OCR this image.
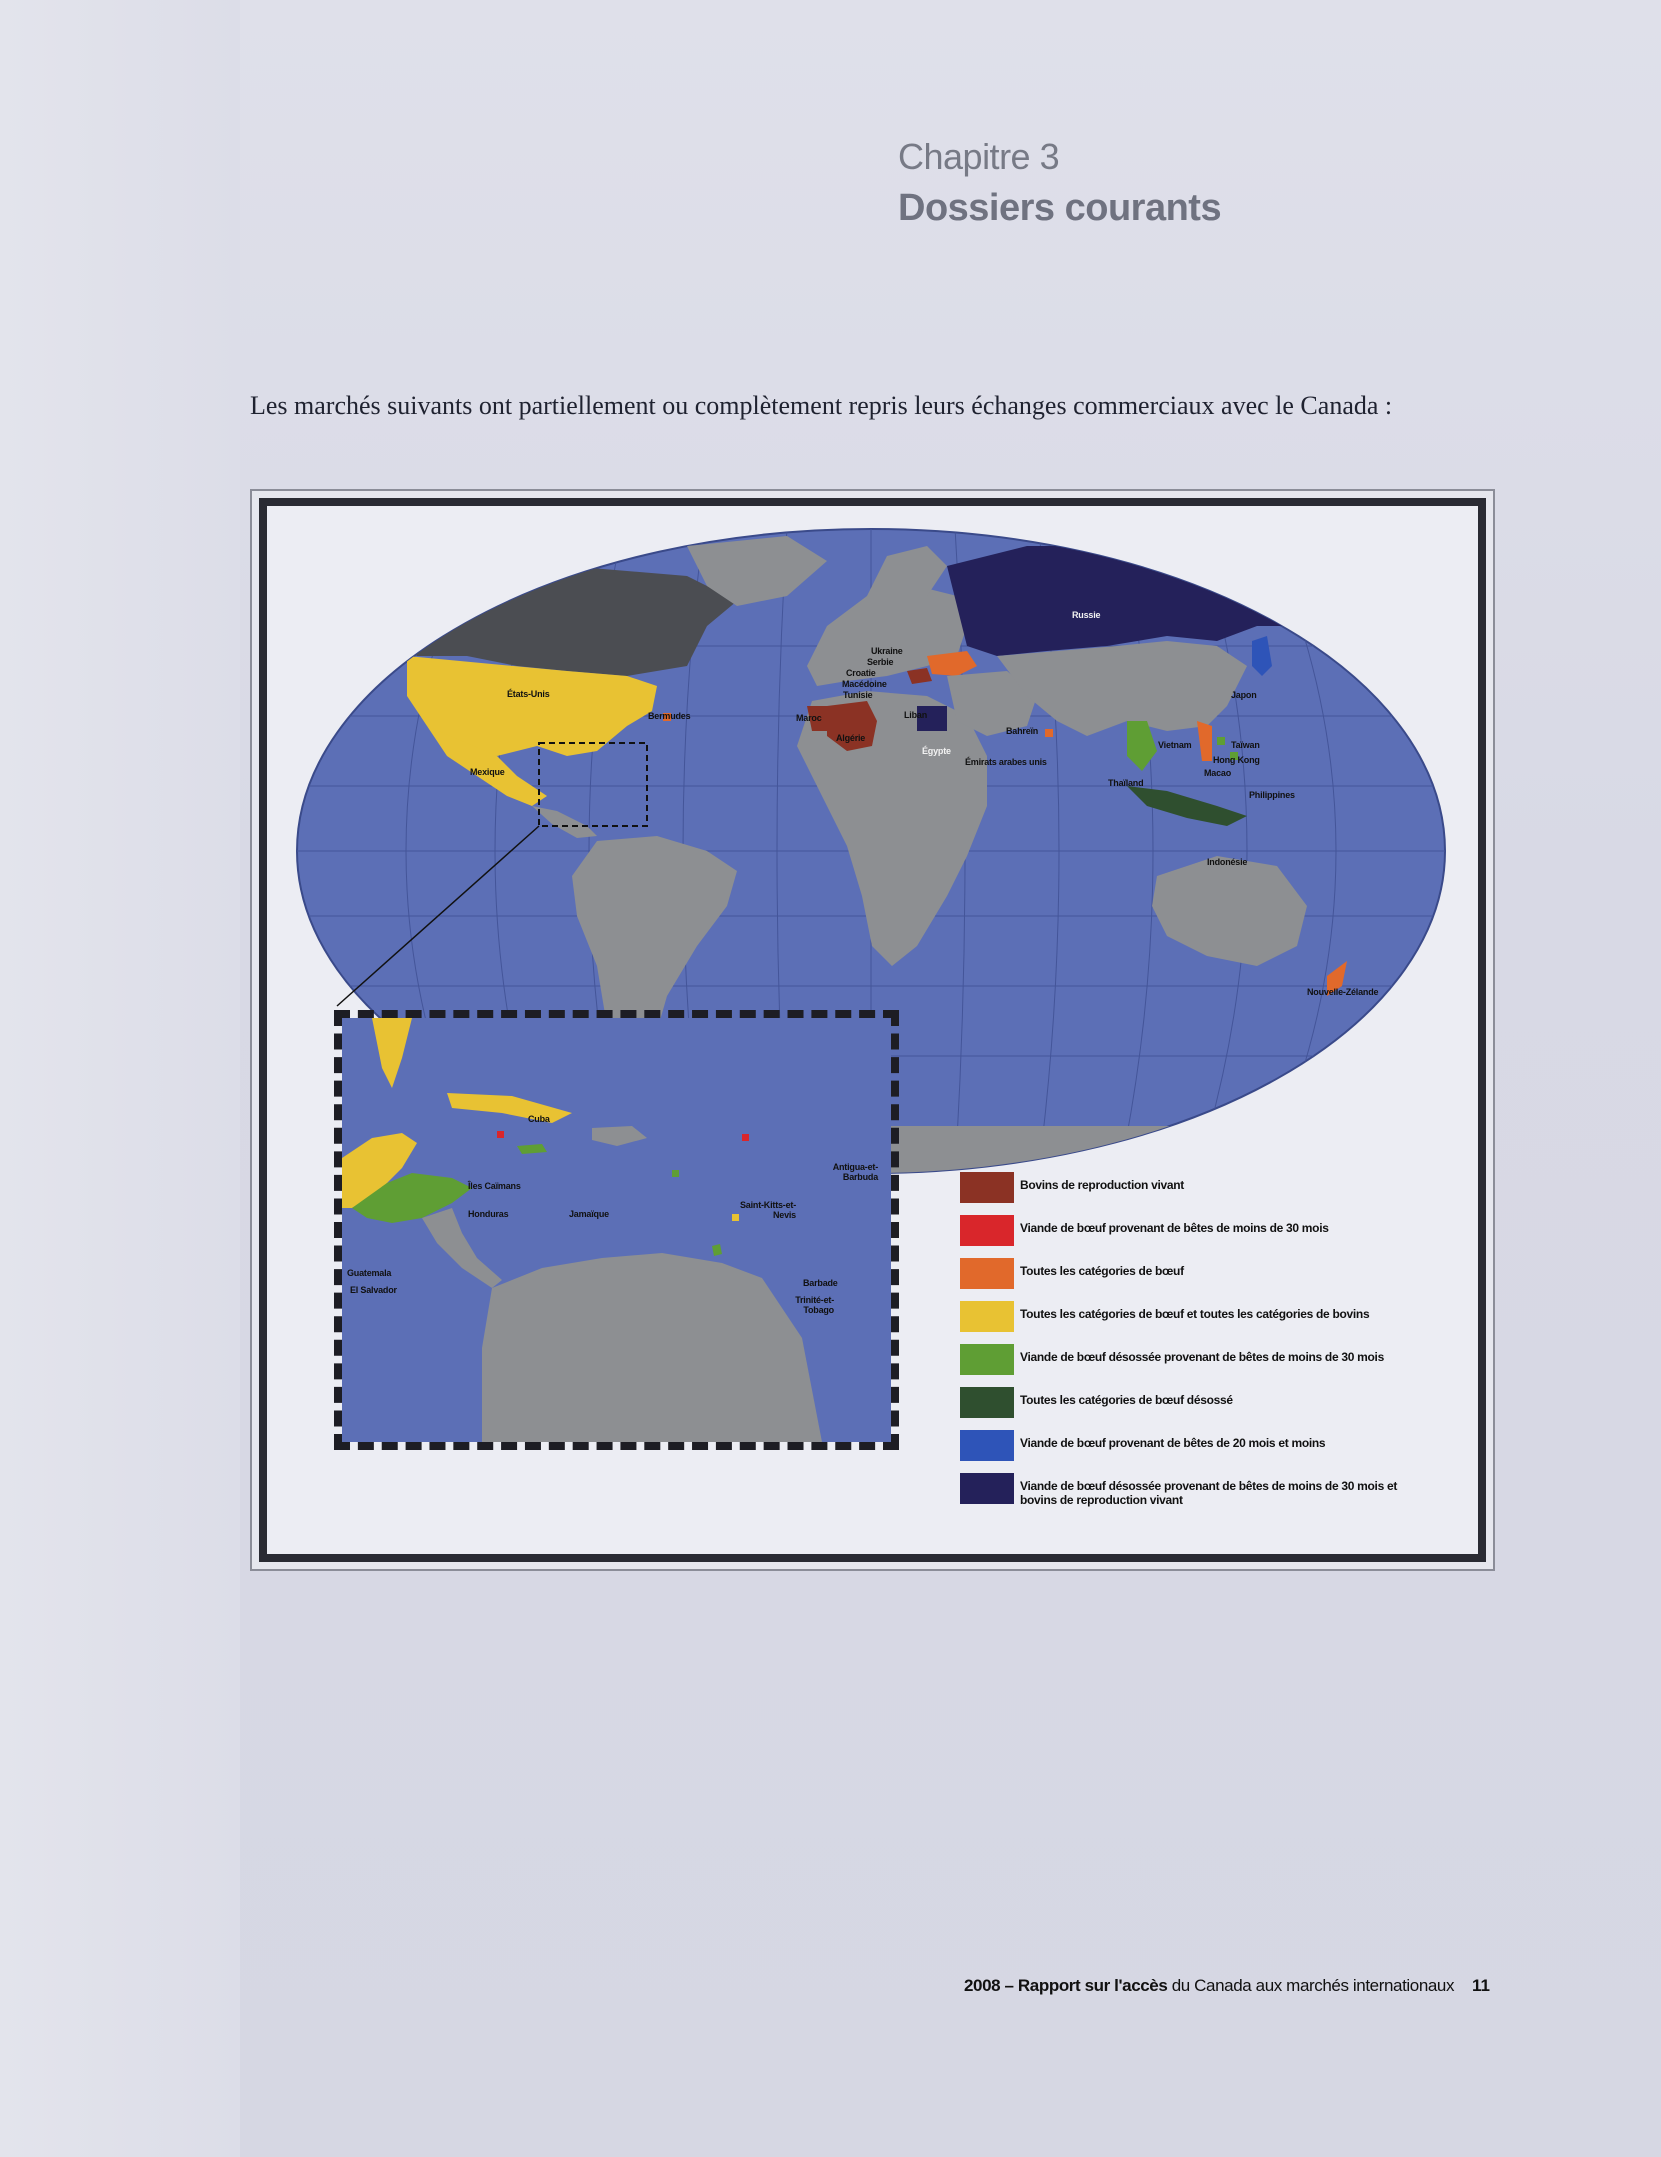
Chapitre 3
Dossiers courants
Les marchés suivants ont partiellement ou complètement repris leurs échanges commerciaux avec le Canada :
États-Unis
Mexique
Bermudes
Russie
Ukraine
Serbie
Croatie
Macédoine
Tunisie
Maroc
Algérie
Liban
Égypte
Bahreïn
Émirats arabes unis
Japon
Taïwan
Hong Kong
Macao
Philippines
Vietnam
Thaïland
Indonésie
Nouvelle-Zélande
Cuba
Îles Caïmans
Honduras	Jamaïque
Guatemala
El Salvador
Antigua-et-Barbuda
Saint-Kitts-et-Nevis
Barbade
Trinité-et-Tobago
Bovins de reproduction vivant
Viande de bœuf provenant de bêtes de moins de 30 mois
Toutes les catégories de bœuf
Toutes les catégories de bœuf et toutes les catégories de bovins
Viande de bœuf désossée provenant de bêtes de moins de 30 mois
Toutes les catégories de bœuf désossé
Viande de bœuf provenant de bêtes de 20 mois et moins
Viande de bœuf désossée provenant de bêtes de moins de 30 mois et bovins de reproduction vivant
2008 – Rapport sur l'accès du Canada aux marchés internationaux 11
